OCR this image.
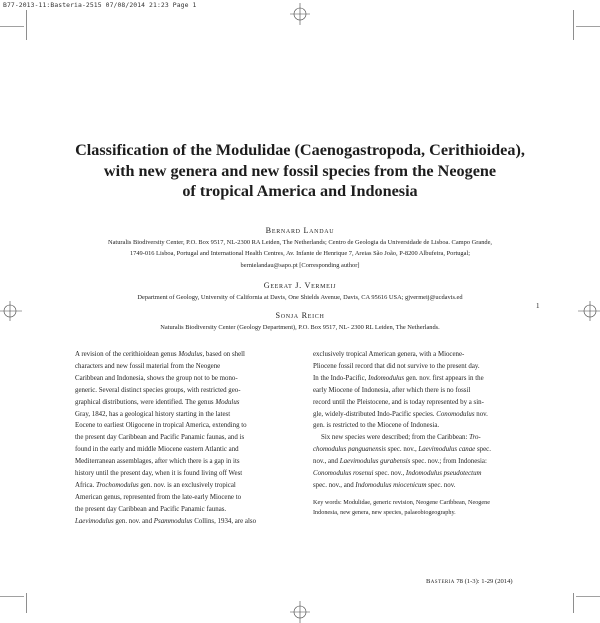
B77-2013-11:Basteria-2515 07/08/2014 21:23 Page 1
Classification of the Modulidae (Caenogastropoda, Cerithioidea),
with new genera and new fossil species from the Neogene
of tropical America and Indonesia
Bernard Landau
Naturalis Biodiversity Center, P.O. Box 9517, NL-2300 RA Leiden, The Netherlands; Centro de Geologia da Universidade de Lisboa. Campo Grande,
1749-016 Lisboa, Portugal and International Health Centres, Av. Infante de Henrique 7, Areias São João, P-8200 Albufeira, Portugal;
bernielandau@sapo.pt [Corresponding author]
Geerat J. Vermeij
Department of Geology, University of California at Davis, One Shields Avenue, Davis, CA 95616 USA; gjvermeij@ucdavis.ed
Sonja Reich
Naturalis Biodiversity Center (Geology Department), P.O. Box 9517, NL- 2300 RL Leiden, The Netherlands.
1
A revision of the cerithioidean genus Modulus, based on shell
characters and new fossil material from the Neogene
Caribbean and Indonesia, shows the group not to be mono-
generic. Several distinct species groups, with restricted geo-
graphical distributions, were identified. The genus Modulus
Gray, 1842, has a geological history starting in the latest
Eocene to earliest Oligocene in tropical America, extending to
the present day Caribbean and Pacific Panamic faunas, and is
found in the early and middle Miocene eastern Atlantic and
Mediterranean assemblages, after which there is a gap in its
history until the present day, when it is found living off West
Africa. Trochomodulus gen. nov. is an exclusively tropical
American genus, represented from the late-early Miocene to
the present day Caribbean and Pacific Panamic faunas.
Laevimodulus gen. nov. and Psammodulus Collins, 1934, are also
exclusively tropical American genera, with a Miocene-
Pliocene fossil record that did not survive to the present day.
In the Indo-Pacific, Indomodulus gen. nov. first appears in the
early Miocene of Indonesia, after which there is no fossil
record until the Pleistocene, and is today represented by a sin-
gle, widely-distributed Indo-Pacific species. Conomodulus nov.
gen. is restricted to the Miocene of Indonesia.
Six new species were described; from the Caribbean: Tro-
chomodulus panguanensis spec. nov., Laevimodulus canae spec.
nov., and Laevimodulus gurabensis spec. nov.; from Indonesia:
Conomodulus rosenui spec. nov., Indomodulus pseudotectum
spec. nov., and Indomodulus miocenicum spec. nov.
Key words: Modulidae, generic revision, Neogene Caribbean, Neogene
Indonesia, new genera, new species, palaeobiogeography.
Basteria 78 (1-3): 1-29 (2014)
